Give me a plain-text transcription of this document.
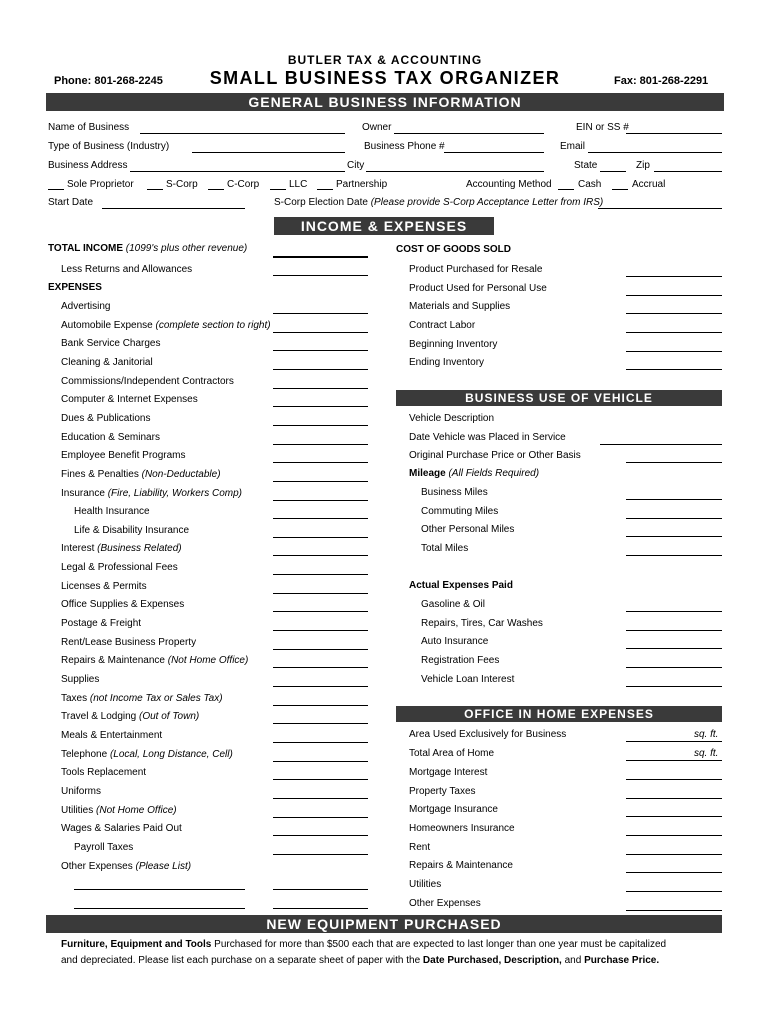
BUTLER TAX & ACCOUNTING
Phone: 801-268-2245	SMALL BUSINESS TAX ORGANIZER	Fax: 801-268-2291
GENERAL BUSINESS INFORMATION
Name of Business	Owner	EIN or SS #
Type of Business (Industry)	Business Phone #	Email
Business Address	City	State	Zip
Sole Proprietor	S-Corp	C-Corp	LLC	Partnership	Accounting Method	Cash	Accrual
Start Date	S-Corp Election Date (Please provide S-Corp Acceptance Letter from IRS)
INCOME & EXPENSES
TOTAL INCOME (1099's plus other revenue)
Less Returns and Allowances
EXPENSES
Advertising
Automobile Expense (complete section to right)
Bank Service Charges
Cleaning & Janitorial
Commissions/Independent Contractors
Computer & Internet Expenses
Dues & Publications
Education & Seminars
Employee Benefit Programs
Fines & Penalties (Non-Deductable)
Insurance (Fire, Liability, Workers Comp)
Health Insurance
Life & Disability Insurance
Interest (Business Related)
Legal & Professional Fees
Licenses & Permits
Office Supplies & Expenses
Postage & Freight
Rent/Lease Business Property
Repairs & Maintenance (Not Home Office)
Supplies
Taxes (not Income Tax or Sales Tax)
Travel & Lodging (Out of Town)
Meals & Entertainment
Telephone (Local, Long Distance, Cell)
Tools Replacement
Uniforms
Utilities (Not Home Office)
Wages & Salaries Paid Out
Payroll Taxes
Other Expenses (Please List)
COST OF GOODS SOLD
Product Purchased for Resale
Product Used for Personal Use
Materials and Supplies
Contract Labor
Beginning Inventory
Ending Inventory
BUSINESS USE OF VEHICLE
Vehicle Description
Date Vehicle was Placed in Service
Original Purchase Price or Other Basis
Mileage (All Fields Required)
Business Miles
Commuting Miles
Other Personal Miles
Total Miles
Actual Expenses Paid
Gasoline & Oil
Repairs, Tires, Car Washes
Auto Insurance
Registration Fees
Vehicle Loan Interest
OFFICE IN HOME EXPENSES
Area Used Exclusively for Business	sq. ft.
Total Area of Home	sq. ft.
Mortgage Interest
Property Taxes
Mortgage Insurance
Homeowners Insurance
Rent
Repairs & Maintenance
Utilities
Other Expenses
NEW EQUIPMENT PURCHASED
Furniture, Equipment and Tools Purchased for more than $500 each that are expected to last longer than one year must be capitalized
and depreciated. Please list each purchase on a separate sheet of paper with the Date Purchased, Description, and Purchase Price.
